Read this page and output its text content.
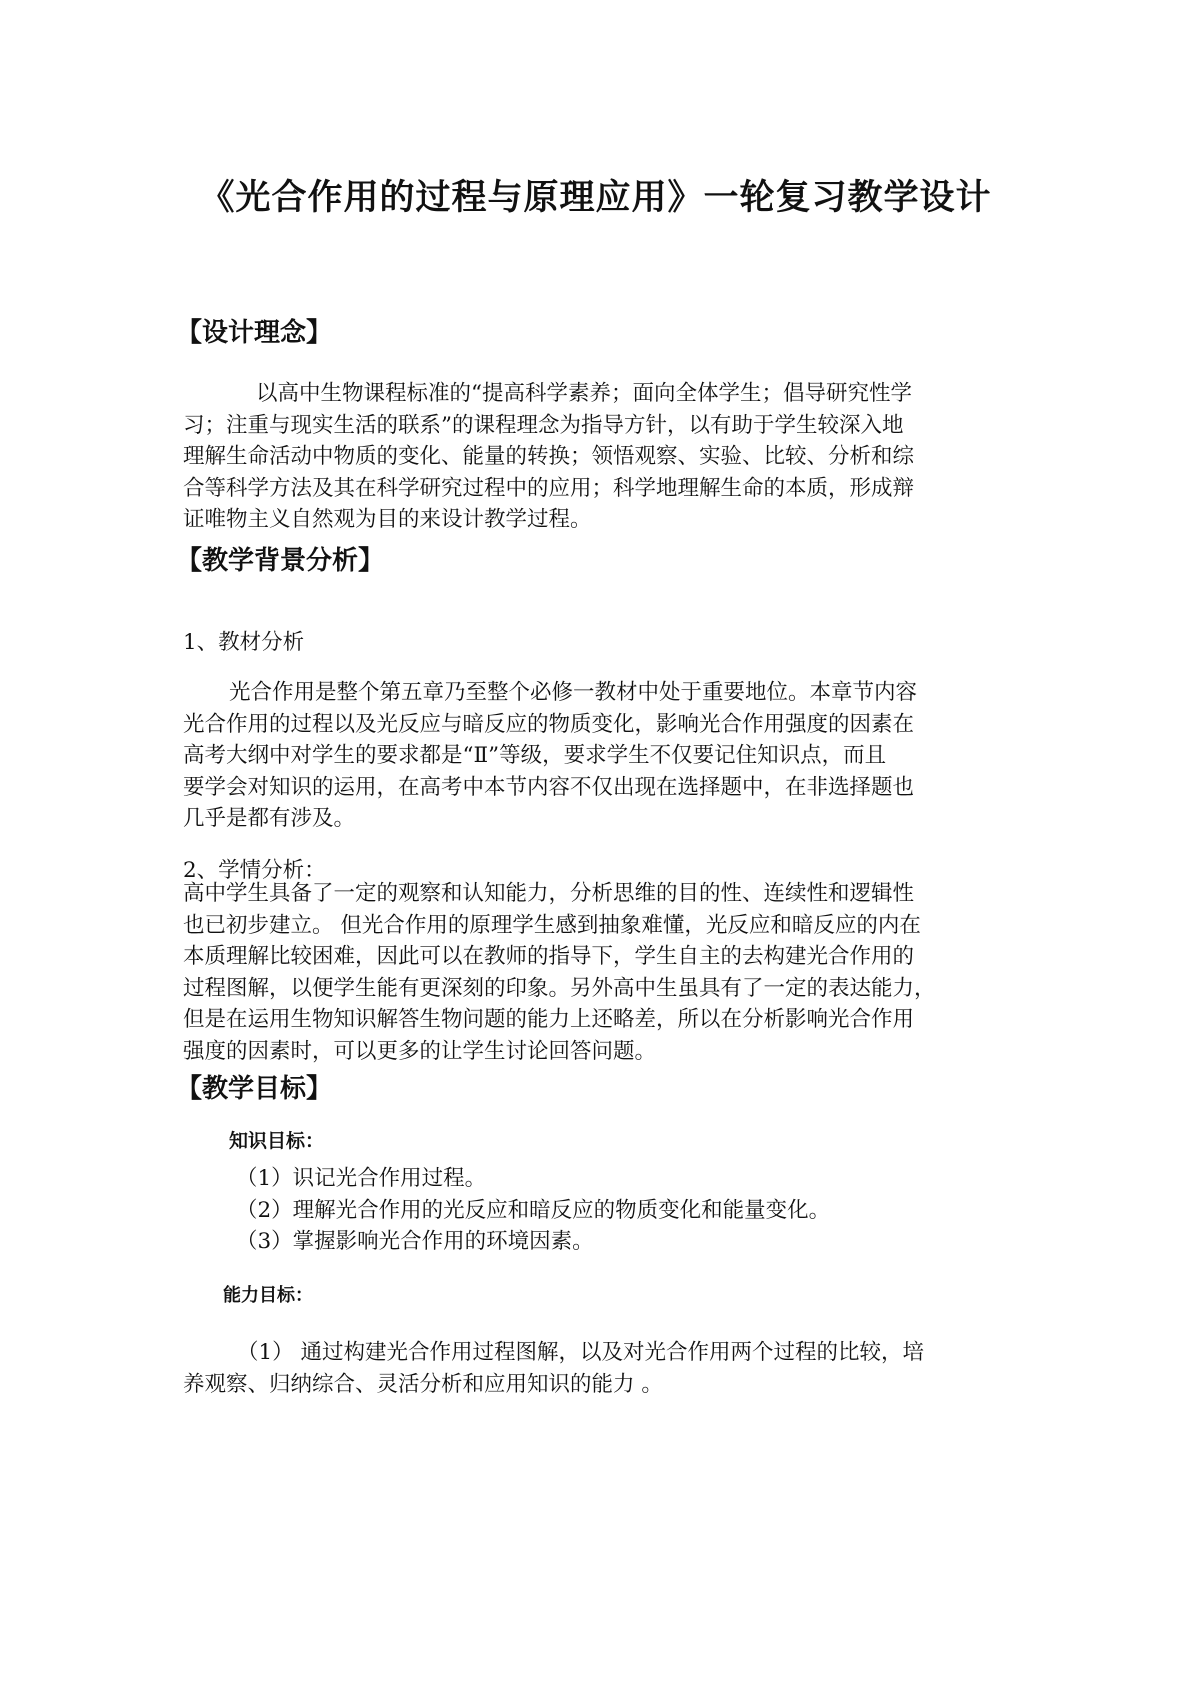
《光合作用的过程与原理应用》一轮复习教学设计
【设计理念】
以高中生物课程标准的“提高科学素养；面向全体学生；倡导研究性学
习；注重与现实生活的联系”的课程理念为指导方针，以有助于学生较深入地
理解生命活动中物质的变化、能量的转换；领悟观察、实验、比较、分析和综
合等科学方法及其在科学研究过程中的应用；科学地理解生命的本质，形成辩
证唯物主义自然观为目的来设计教学过程。
【教学背景分析】

1、教材分析

光合作用是整个第五章乃至整个必修一教材中处于重要地位。本章节内容
光合作用的过程以及光反应与暗反应的物质变化，影响光合作用强度的因素在
高考大纲中对学生的要求都是“Ⅱ”等级，要求学生不仅要记住知识点，而且
要学会对知识的运用，在高考中本节内容不仅出现在选择题中，在非选择题也
几乎是都有涉及。

2、学情分析：

高中学生具备了一定的观察和认知能力，分析思维的目的性、连续性和逻辑性
也已初步建立。 但光合作用的原理学生感到抽象难懂，光反应和暗反应的内在
本质理解比较困难，因此可以在教师的指导下，学生自主的去构建光合作用的
过程图解，以便学生能有更深刻的印象。另外高中生虽具有了一定的表达能力，
但是在运用生物知识解答生物问题的能力上还略差，所以在分析影响光合作用
强度的因素时，可以更多的让学生讨论回答问题。
【教学目标】

知识目标：

（1）识记光合作用过程。
（2）理解光合作用的光反应和暗反应的物质变化和能量变化。
（3）掌握影响光合作用的环境因素。

能力目标：

（1） 通过构建光合作用过程图解，以及对光合作用两个过程的比较，培
养观察、归纳综合、灵活分析和应用知识的能力 。
